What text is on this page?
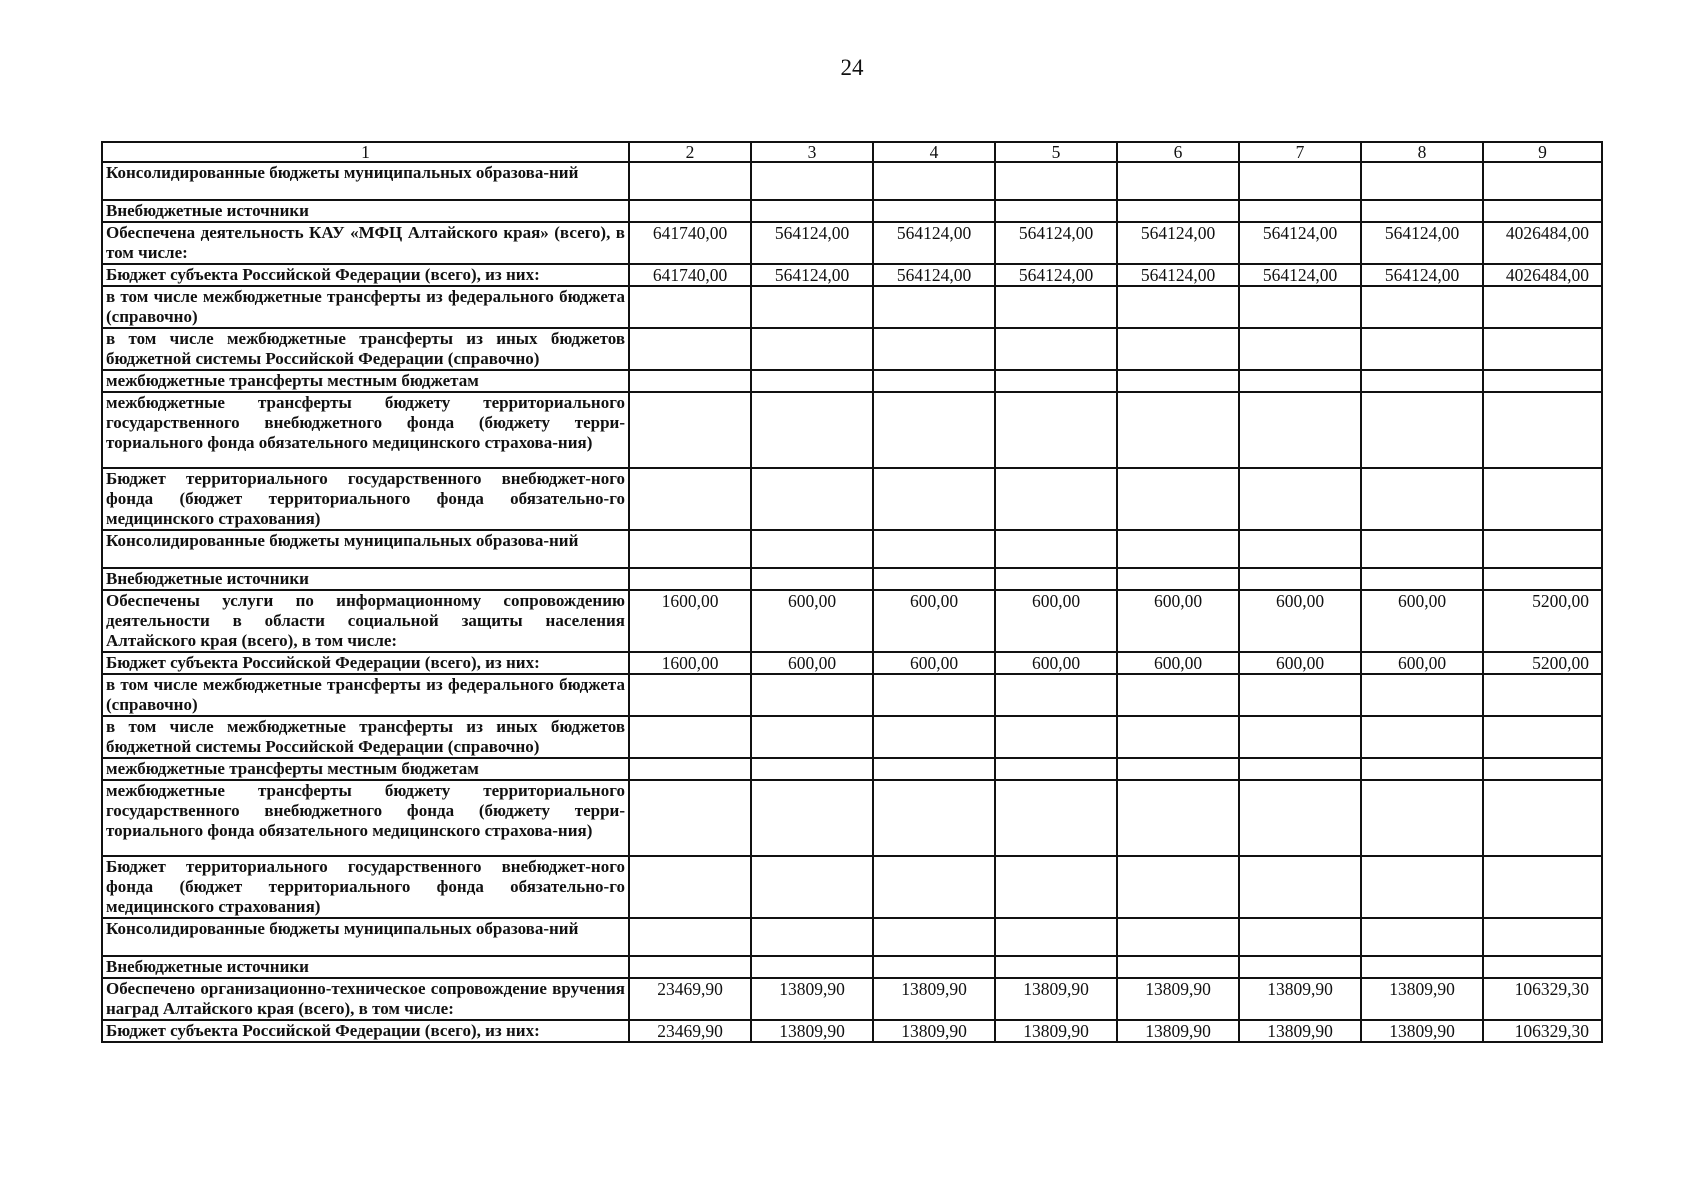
24
1	2	3	4	5	6	7	8	9
Консолидированные бюджеты муниципальных образова-ний								
Внебюджетные источники								
Обеспечена деятельность КАУ «МФЦ Алтайского края» (всего), в том числе:	641740,00	564124,00	564124,00	564124,00	564124,00	564124,00	564124,00	4026484,00
Бюджет субъекта Российской Федерации (всего), из них:	641740,00	564124,00	564124,00	564124,00	564124,00	564124,00	564124,00	4026484,00
в том числе межбюджетные трансферты из федерального бюджета (справочно)								
в том числе межбюджетные трансферты из иных бюджетов бюджетной системы Российской Федерации (справочно)								
межбюджетные трансферты местным бюджетам								
межбюджетные трансферты бюджету территориального государственного внебюджетного фонда (бюджету терри-ториального фонда обязательного медицинского страхова-ния)								
Бюджет территориального государственного внебюджет-ного фонда (бюджет территориального фонда обязательно-го медицинского страхования)								
Консолидированные бюджеты муниципальных образова-ний								
Внебюджетные источники								
Обеспечены услуги по информационному сопровождению деятельности в области социальной защиты населения Алтайского края (всего), в том числе:	1600,00	600,00	600,00	600,00	600,00	600,00	600,00	5200,00
Бюджет субъекта Российской Федерации (всего), из них:	1600,00	600,00	600,00	600,00	600,00	600,00	600,00	5200,00
в том числе межбюджетные трансферты из федерального бюджета (справочно)								
в том числе межбюджетные трансферты из иных бюджетов бюджетной системы Российской Федерации (справочно)								
межбюджетные трансферты местным бюджетам								
межбюджетные трансферты бюджету территориального государственного внебюджетного фонда (бюджету терри-ториального фонда обязательного медицинского страхова-ния)								
Бюджет территориального государственного внебюджет-ного фонда (бюджет территориального фонда обязательно-го медицинского страхования)								
Консолидированные бюджеты муниципальных образова-ний								
Внебюджетные источники								
Обеспечено организационно-техническое сопровождение вручения наград Алтайского края (всего), в том числе:	23469,90	13809,90	13809,90	13809,90	13809,90	13809,90	13809,90	106329,30
Бюджет субъекта Российской Федерации (всего), из них:	23469,90	13809,90	13809,90	13809,90	13809,90	13809,90	13809,90	106329,30
